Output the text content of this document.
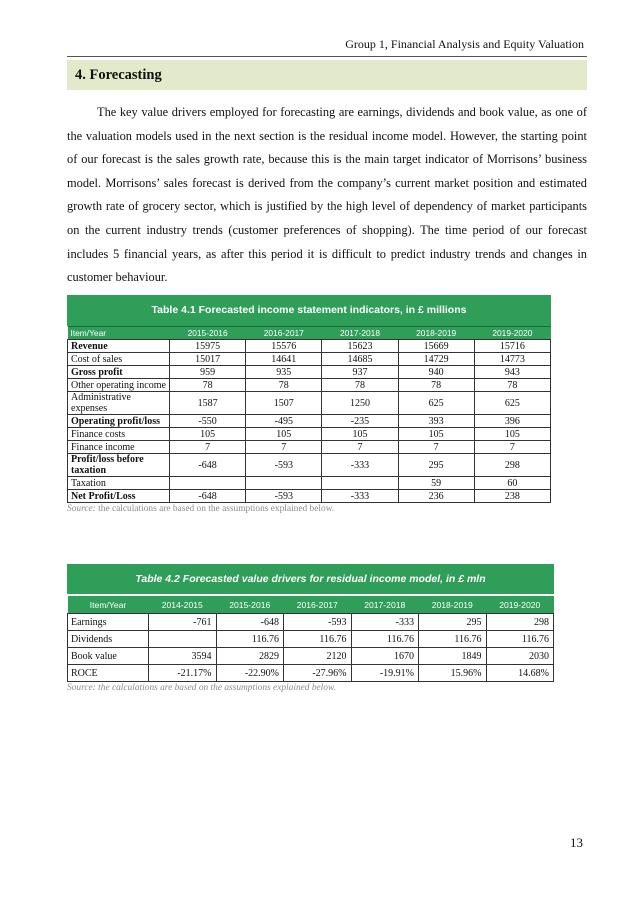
Group 1, Financial Analysis and Equity Valuation
4. Forecasting

The key value drivers employed for forecasting are earnings, dividends and book value, as one of the valuation models used in the next section is the residual income model. However, the starting point of our forecast is the sales growth rate, because this is the main target indicator of Morrisons’ business model. Morrisons’ sales forecast is derived from the company’s current market position and estimated growth rate of grocery sector, which is justified by the high level of dependency of market participants on the current industry trends (customer preferences of shopping). The time period of our forecast includes 5 financial years, as after this period it is difficult to predict industry trends and changes in customer behaviour.

Table 4.1 Forecasted income statement indicators, in £ millions
Item/Year	2015-2016	2016-2017	2017-2018	2018-2019	2019-2020
Revenue	15975	15576	15623	15669	15716
Cost of sales	15017	14641	14685	14729	14773
Gross profit	959	935	937	940	943
Other operating income	78	78	78	78	78
Administrative expenses	1587	1507	1250	625	625
Operating profit/loss	-550	-495	-235	393	396
Finance costs	105	105	105	105	105
Finance income	7	7	7	7	7
Profit/loss before taxation	-648	-593	-333	295	298
Taxation				59	60
Net Profit/Loss	-648	-593	-333	236	238
Source: the calculations are based on the assumptions explained below.
Table 4.2 Forecasted value drivers for residual income model, in £ mln
Item/Year	2014-2015	2015-2016	2016-2017	2017-2018	2018-2019	2019-2020
Earnings	-761	-648	-593	-333	295	298
Dividends		116.76	116.76	116.76	116.76	116.76
Book value	3594	2829	2120	1670	1849	2030
ROCE	-21.17%	-22.90%	-27.96%	-19.91%	15.96%	14.68%
Source: the calculations are based on the assumptions explained below.
13
